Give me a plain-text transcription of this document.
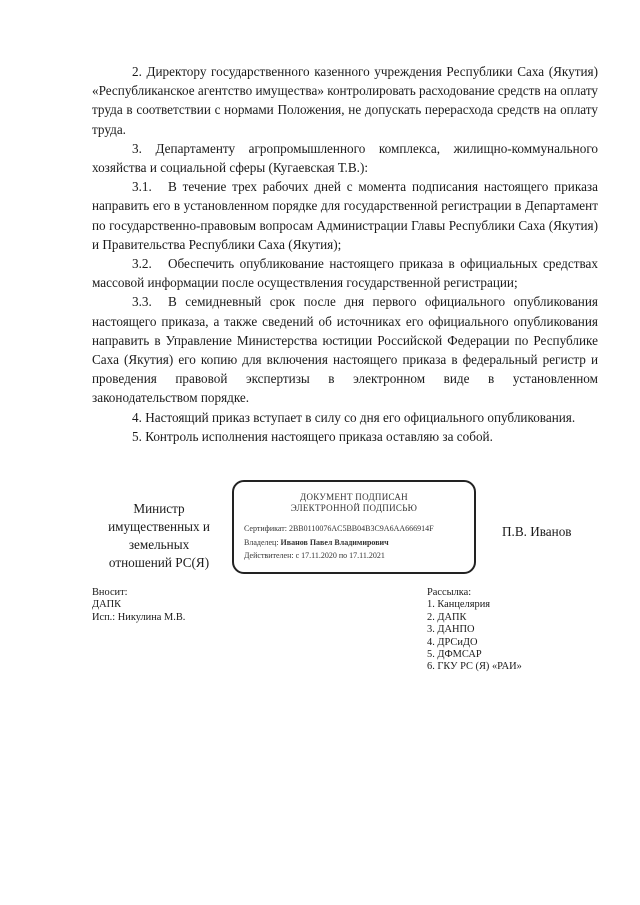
2. Директору государственного казенного учреждения Республики Саха (Якутия) «Республиканское агентство имущества» контролировать расходование средств на оплату труда в соответствии с нормами Положения, не допускать перерасхода средств на оплату труда.

3. Департаменту агропромышленного комплекса, жилищно-коммунального хозяйства и социальной сферы (Кугаевская Т.В.):

3.1. В течение трех рабочих дней с момента подписания настоящего приказа направить его в установленном порядке для государственной регистрации в Департамент по государственно-правовым вопросам Администрации Главы Республики Саха (Якутия) и Правительства Республики Саха (Якутия);

3.2. Обеспечить опубликование настоящего приказа в официальных средствах массовой информации после осуществления государственной регистрации;

3.3. В семидневный срок после дня первого официального опубликования настоящего приказа, а также сведений об источниках его официального опубликования направить в Управление Министерства юстиции Российской Федерации по Республике Саха (Якутия) его копию для включения настоящего приказа в федеральный регистр и проведения правовой экспертизы в электронном виде в установленном законодательством порядке.

4. Настоящий приказ вступает в силу со дня его официального опубликования.

5. Контроль исполнения настоящего приказа оставляю за собой.

Министр
имущественных и
земельных
отношений РС(Я)
ДОКУМЕНТ ПОДПИСАН
ЭЛЕКТРОННОЙ ПОДПИСЬЮ
Сертификат: 2BB0110076AC5BB04B3C9A6AA666914F
Владелец: Иванов Павел Владимирович
Действителен: с 17.11.2020 по 17.11.2021
П.В. Иванов
Вносит:
ДАПК
Исп.: Никулина М.В.
Рассылка:
1. Канцелярия
2. ДАПК
3. ДАНПО
4. ДРСиДО
5. ДФМСАР
6. ГКУ РС (Я) «РАИ»
